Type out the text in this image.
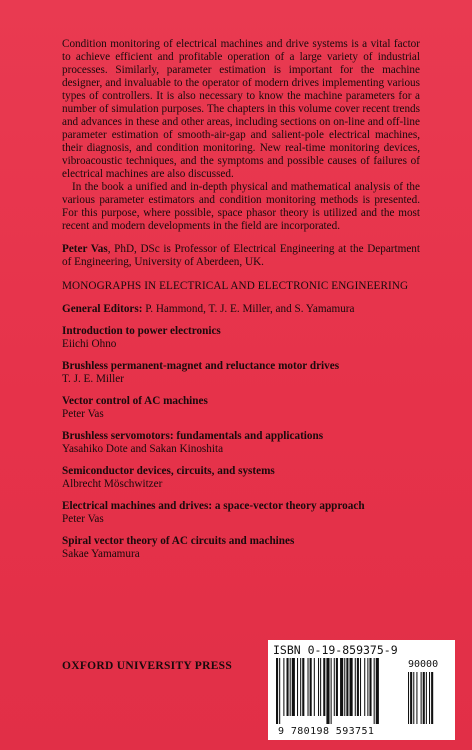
Condition monitoring of electrical machines and drive systems is a vital factor to achieve efficient and profitable operation of a large variety of industrial processes. Similarly, parameter estimation is important for the machine designer, and invaluable to the operator of modern drives implementing various types of controllers. It is also necessary to know the machine parameters for a number of simulation purposes. The chapters in this volume cover recent trends and advances in these and other areas, including sections on on-line and off-line parameter estimation of smooth-air-gap and salient-pole electrical machines, their diagnosis, and condition monitoring. New real-time monitoring devices, vibroacoustic techniques, and the symptoms and possible causes of failures of electrical machines are also discussed.

In the book a unified and in-depth physical and mathematical analysis of the various parameter estimators and condition monitoring methods is presented. For this purpose, where possible, space phasor theory is utilized and the most recent and modern developments in the field are incorporated.

Peter Vas, PhD, DSc is Professor of Electrical Engineering at the Department of Engineering, University of Aberdeen, UK.

MONOGRAPHS IN ELECTRICAL AND ELECTRONIC ENGINEERING
General Editors: P. Hammond, T. J. E. Miller, and S. Yamamura
Introduction to power electronics
Eiichi Ohno
Brushless permanent-magnet and reluctance motor drives
T. J. E. Miller
Vector control of AC machines
Peter Vas
Brushless servomotors: fundamentals and applications
Yasahiko Dote and Sakan Kinoshita
Semiconductor devices, circuits, and systems
Albrecht Möschwitzer
Electrical machines and drives: a space-vector theory approach
Peter Vas
Spiral vector theory of AC circuits and machines
Sakae Yamamura
OXFORD UNIVERSITY PRESS
ISBN 0-19-859375-9
90000
9 780198 593751
